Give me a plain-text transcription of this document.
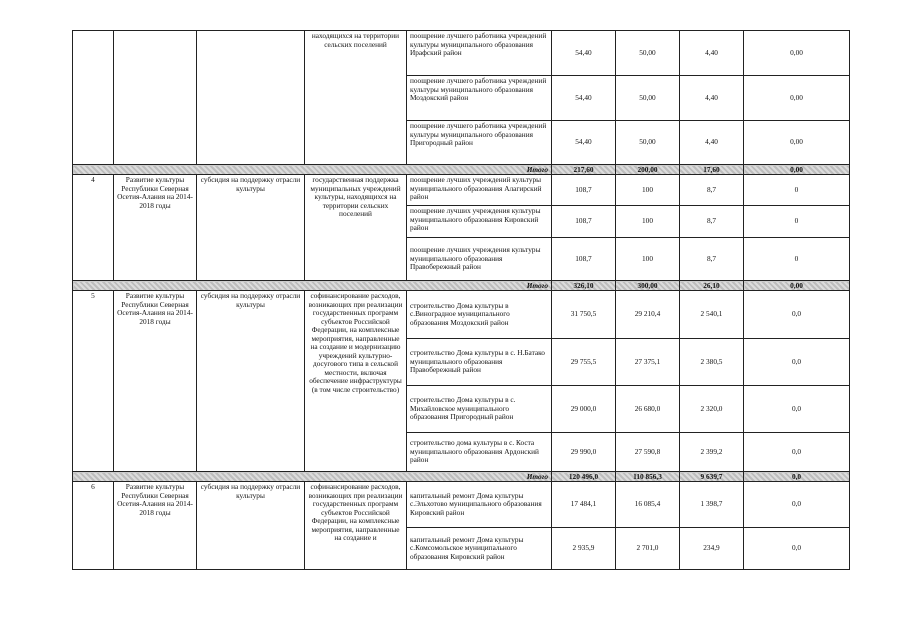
			находящихся на территории сельских поселений	поощрение лучшего работника учреждений культуры муниципального образования Ирафский район	54,40	50,00	4,40	0,00
				поощрение лучшего работника учреждений культуры муниципального образования Моздокский район	54,40	50,00	4,40	0,00
				поощрение лучшего работника учреждений культуры муниципального образования Пригородный район	54,40	50,00	4,40	0,00
Итого					217,60	200,00	17,60	0,00
4	Развитие культуры Республики Северная Осетия-Алания на 2014-2018 годы	субсидия на поддержку отрасли культуры	государственная поддержка муниципальных учреждений культуры, находящихся на территории сельских поселений	поощрение лучших учреждений культуры муниципального образования Алагирский район	108,7	100	8,7	0
				поощрение лучших учреждения культуры муниципального образования Кировский район	108,7	100	8,7	0
				поощрение лучших учреждения культуры муниципального образования Правобережный район	108,7	100	8,7	0
Итого					326,10	300,00	26,10	0,00
5	Развитие культуры Республики Северная Осетия-Алания на 2014-2018 годы	субсидия на поддержку отрасли культуры	софинансирование расходов, возникающих при реализации государственных программ субъектов Российской Федерации, на комплексные мероприятия, направленные на создание и модернизацию учреждений культурно-досугового типа в сельской местности, включая обеспечение инфраструктуры (в том числе строительство)	строительство Дома культуры в с.Виноградное муниципального образования Моздокский район	31 750,5	29 210,4	2 540,1	0,0
				строительство Дома культуры в с. Н.Батако муниципального образования Правобережный район	29 755,5	27 375,1	2 380,5	0,0
				строительство Дома культуры в с. Михайловское муниципального образования Пригородный район	29 000,0	26 680,0	2 320,0	0,0
				строительство дома культуры в с. Коста муниципального образования Ардонский район	29 990,0	27 590,8	2 399,2	0,0
Итого					120 496,0	110 856,3	9 639,7	0,0
6	Развитие культуры Республики Северная Осетия-Алания на 2014-2018 годы	субсидия на поддержку отрасли культуры	софинансирование расходов, возникающих при реализации государственных программ субъектов Российской Федерации, на комплексные мероприятия, направленные на создание и	капитальный ремонт Дома культуры с.Эльхотово муниципального образования Кировский район	17 484,1	16 085,4	1 398,7	0,0
				капитальный ремонт Дома культуры с.Комсомольское муниципального образования Кировский район	2 935,9	2 701,0	234,9	0,0
